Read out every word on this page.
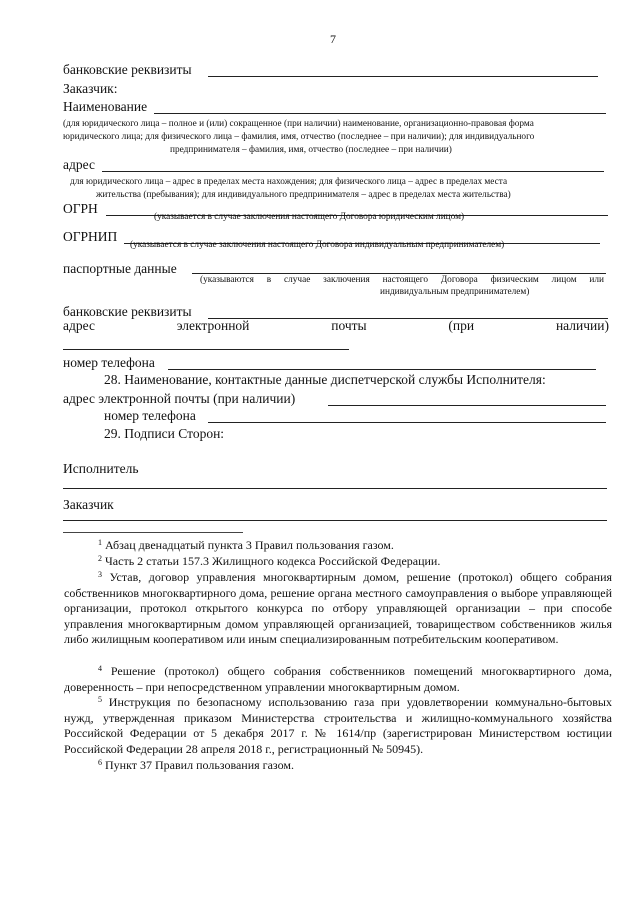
7
банковские реквизиты
Заказчик:
Наименование
(для юридического лица – полное и (или) сокращенное (при наличии) наименование, организационно-правовая форма
юридического лица; для физического лица – фамилия, имя, отчество (последнее – при наличии); для индивидуального
предпринимателя – фамилия, имя, отчество (последнее – при наличии)
адрес
для юридического лица – адрес в пределах места нахождения; для физического лица – адрес в пределах места
жительства (пребывания); для индивидуального предпринимателя – адрес в пределах места жительства)
ОГРН
(указывается в случае заключения настоящего Договора юридическим лицом)
ОГРНИП
(указывается в случае заключения настоящего Договора индивидуальным предпринимателем)
паспортные данные
(указываются в случае заключения настоящего Договора физическим лицом или
индивидуальным предпринимателем)
банковские реквизиты
адрес	электронной	почты	(при	наличии)
номер телефона
28. Наименование, контактные данные диспетчерской службы Исполнителя:
адрес электронной почты (при наличии)
номер телефона
29. Подписи Сторон:
Исполнитель
Заказчик
$^1$ Абзац двенадцатый пункта 3 Правил пользования газом.
$^2$ Часть 2 статьи 157.3 Жилищного кодекса Российской Федерации.
$^3$ Устав, договор управления многоквартирным домом, решение (протокол) общего собрания собственников многоквартирного дома, решение органа местного самоуправления о выборе управляющей организации, протокол открытого конкурса по отбору управляющей организации – при способе управления многоквартирным домом управляющей организацией, товариществом собственников жилья либо жилищным кооперативом или иным специализированным потребительским кооперативом.
$^4$ Решение (протокол) общего собрания собственников помещений многоквартирного дома, доверенность – при непосредственном управлении многоквартирным домом.
$^5$ Инструкция по безопасному использованию газа при удовлетворении коммунально-бытовых нужд, утвержденная приказом Министерства строительства и жилищно-коммунального хозяйства Российской Федерации от 5 декабря 2017 г. № 1614/пр (зарегистрирован Министерством юстиции Российской Федерации 28 апреля 2018 г., регистрационный № 50945).
$^6$ Пункт 37 Правил пользования газом.
